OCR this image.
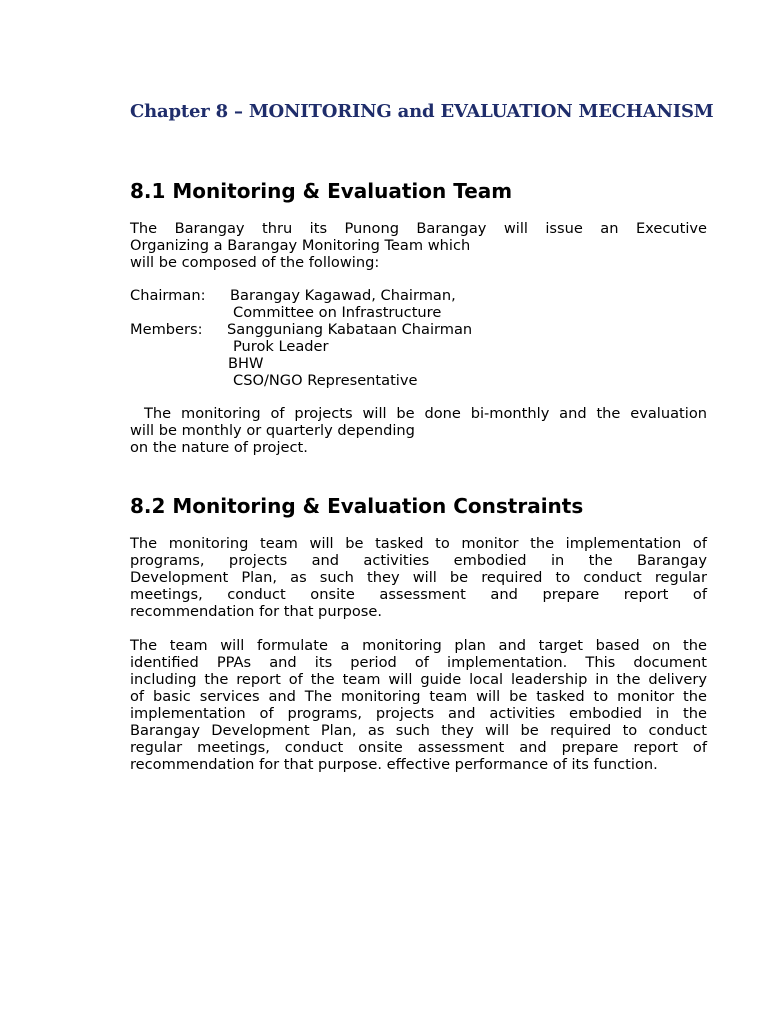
Chapter 8 – MONITORING and EVALUATION MECHANISM
8.1 Monitoring & Evaluation Team
The Barangay thru its Punong Barangay will issue an Executive
Organizing a Barangay Monitoring Team which
will be composed of the following:
Chairman: Barangay Kagawad, Chairman,
Committee on Infrastructure
Members: Sangguniang Kabataan Chairman
Purok Leader
BHW
CSO/NGO Representative
The monitoring of projects will be done bi-monthly and the evaluation
will be monthly or quarterly depending
on the nature of project.
8.2 Monitoring & Evaluation Constraints
The monitoring team will be tasked to monitor the implementation of
programs, projects and activities embodied in the Barangay
Development Plan, as such they will be required to conduct regular
meetings, conduct onsite assessment and prepare report of
recommendation for that purpose.
The team will formulate a monitoring plan and target based on the
identified PPAs and its period of implementation. This document
including the report of the team will guide local leadership in the delivery
of basic services and The monitoring team will be tasked to monitor the
implementation of programs, projects and activities embodied in the
Barangay Development Plan, as such they will be required to conduct
regular meetings, conduct onsite assessment and prepare report of
recommendation for that purpose. effective performance of its function.
